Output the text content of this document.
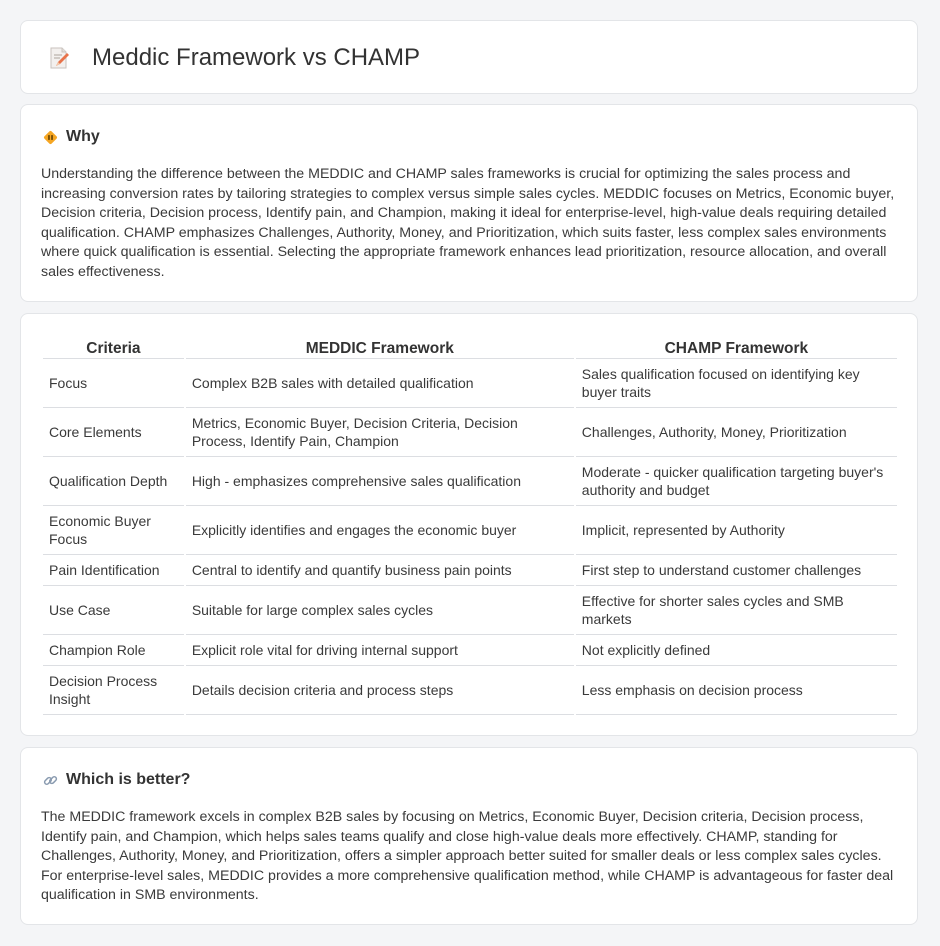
Meddic Framework vs CHAMP
Why

Understanding the difference between the MEDDIC and CHAMP sales frameworks is crucial for optimizing the sales process and increasing conversion rates by tailoring strategies to complex versus simple sales cycles. MEDDIC focuses on Metrics, Economic buyer, Decision criteria, Decision process, Identify pain, and Champion, making it ideal for enterprise-level, high-value deals requiring detailed qualification. CHAMP emphasizes Challenges, Authority, Money, and Prioritization, which suits faster, less complex sales environments where quick qualification is essential. Selecting the appropriate framework enhances lead prioritization, resource allocation, and overall sales effectiveness.

Criteria	MEDDIC Framework	CHAMP Framework
Focus	Complex B2B sales with detailed qualification	Sales qualification focused on identifying key buyer traits
Core Elements	Metrics, Economic Buyer, Decision Criteria, Decision Process, Identify Pain, Champion	Challenges, Authority, Money, Prioritization
Qualification Depth	High - emphasizes comprehensive sales qualification	Moderate - quicker qualification targeting buyer's authority and budget
Economic Buyer Focus	Explicitly identifies and engages the economic buyer	Implicit, represented by Authority
Pain Identification	Central to identify and quantify business pain points	First step to understand customer challenges
Use Case	Suitable for large complex sales cycles	Effective for shorter sales cycles and SMB markets
Champion Role	Explicit role vital for driving internal support	Not explicitly defined
Decision Process Insight	Details decision criteria and process steps	Less emphasis on decision process
Which is better?

The MEDDIC framework excels in complex B2B sales by focusing on Metrics, Economic Buyer, Decision criteria, Decision process, Identify pain, and Champion, which helps sales teams qualify and close high-value deals more effectively. CHAMP, standing for Challenges, Authority, Money, and Prioritization, offers a simpler approach better suited for smaller deals or less complex sales cycles. For enterprise-level sales, MEDDIC provides a more comprehensive qualification method, while CHAMP is advantageous for faster deal qualification in SMB environments.
